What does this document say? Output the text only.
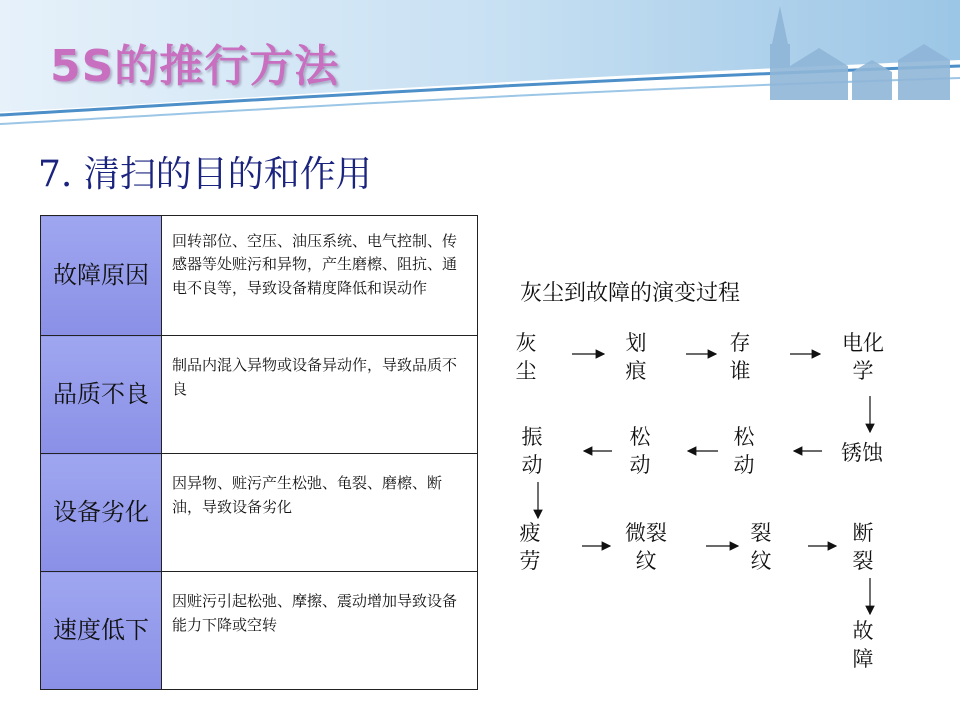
5S的推行方法
7. 清扫的目的和作用
故障原因	回转部位、空压、油压系统、电气控制、传感器等处赃污和异物，产生磨檫、阻抗、通电不良等，导致设备精度降低和误动作
品质不良	制品内混入异物或设备异动作，导致品质不良
设备劣化	因异物、赃污产生松弛、龟裂、磨檫、断油，导致设备劣化
速度低下	因赃污引起松弛、摩擦、震动增加导致设备能力下降或空转
灰尘到故障的演变过程
灰
尘
划
痕
存
谁
电化
学
锈蚀
松
动
松
动
振
动
疲
劳
微裂
纹
裂
纹
断
裂
故
障
